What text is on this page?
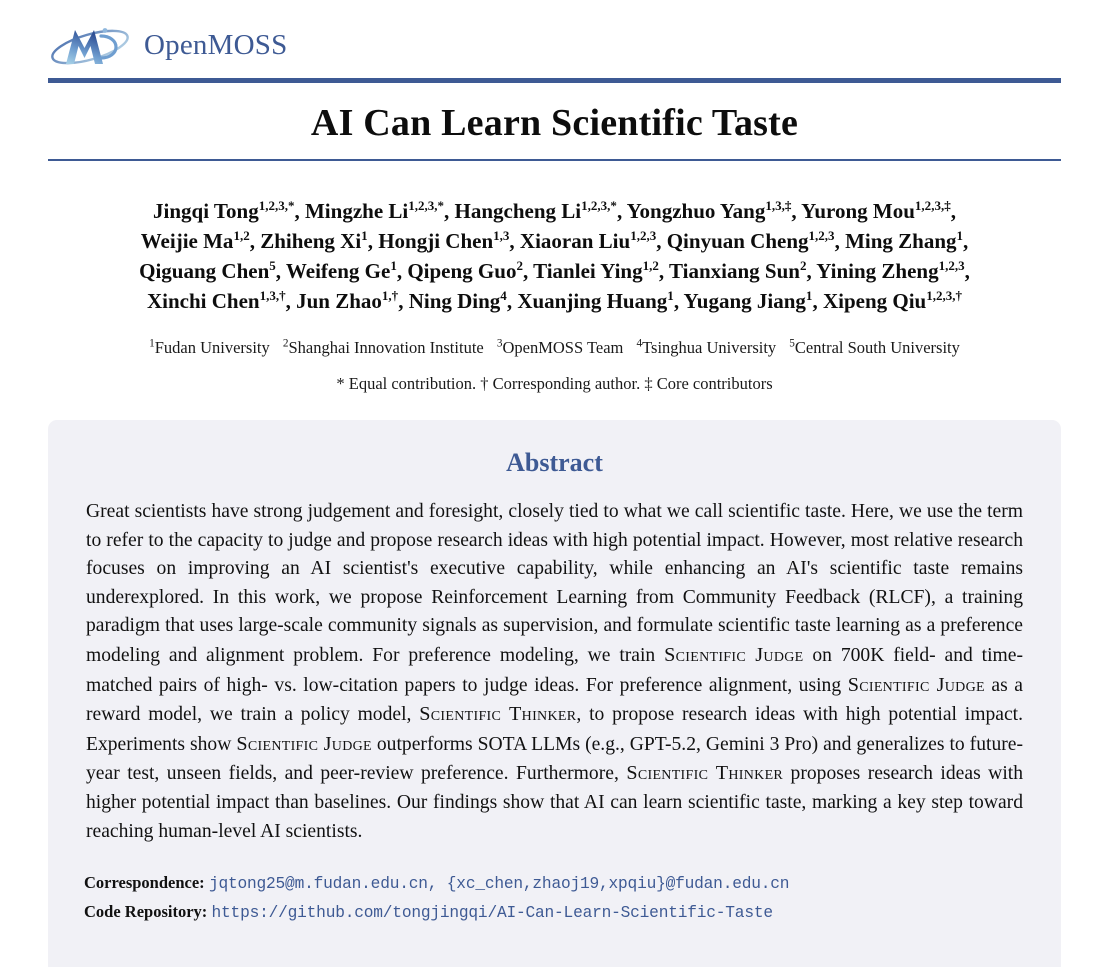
OpenMOSS
AI Can Learn Scientific Taste
Jingqi Tong$^{1,2,3,*}$, Mingzhe $Li^{1,2,3,*}$, Hangcheng $Li^{1,2,3,*}$, Yongzhuo Yang$^{1,3,\ddagger}$, Yurong Mou$^{1,2,3,\ddagger}$,
Weijie Ma$^{1,2}$, Zhiheng Xi$^1$, Hongji Chen$^{1,3}$, Xiaoran Liu$^{1,2,3}$, Qinyuan Cheng$^{1,2,3}$, Ming Zhang$^1$,
Qiguang Chen$^5$, Weifeng Ge$^1$, Qipeng Guo$^2$, Tianlei Ying$^{1,2}$, Tianxiang Sun$^2$, Yining Zheng$^{1,2,3}$,
Xinchi Chen$^{1,3,\dagger}$, Jun Zhao$^{1,\dagger}$, Ning Ding$^4$, Xuanjing Huang$^1$, Yugang Jiang$^1$, Xipeng Qiu$^{1,2,3,\dagger}$
$^1$Fudan University $^2$Shanghai Innovation Institute $^3$OpenMOSS Team $^4$Tsinghua University $^5$Central South University
* Equal contribution. † Corresponding author. ‡ Core contributors
Abstract
Great scientists have strong judgement and foresight, closely tied to what we call scientific taste. Here, we use the term to refer to the capacity to judge and propose research ideas with high potential impact. However, most relative research focuses on improving an AI scientist's executive capability, while enhancing an AI's scientific taste remains underexplored. In this work, we propose Reinforcement Learning from Community Feedback (RLCF), a training paradigm that uses large-scale community signals as supervision, and formulate scientific taste learning as a preference modeling and alignment problem. For preference modeling, we train Scientific Judge on 700K field- and time-matched pairs of high- vs. low-citation papers to judge ideas. For preference alignment, using Scientific Judge as a reward model, we train a policy model, Scientific Thinker, to propose research ideas with high potential impact. Experiments show Scientific Judge outperforms SOTA LLMs (e.g., GPT-5.2, Gemini 3 Pro) and generalizes to future-year test, unseen fields, and peer-review preference. Furthermore, Scientific Thinker proposes research ideas with higher potential impact than baselines. Our findings show that AI can learn scientific taste, marking a key step toward reaching human-level AI scientists.
Correspondence: jqtong25@m.fudan.edu.cn, {xc_chen,zhaoj19,xpqiu}@fudan.edu.cn
Code Repository: https://github.com/tongjingqi/AI-Can-Learn-Scientific-Taste
